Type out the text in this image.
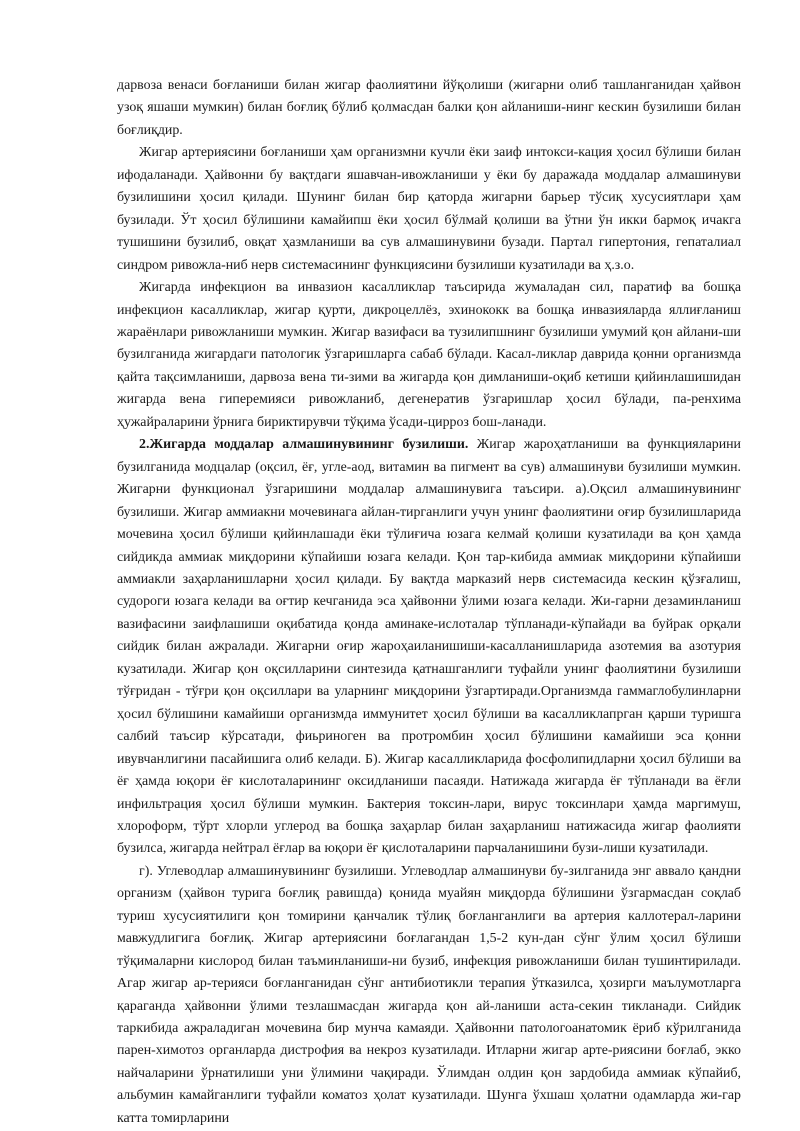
дарвоза венаси боғланиши билан жигар фаолиятини йўқолиши (жигарни олиб ташланганидан ҳайвон узоқ яшаши мумкин) билан боғлиқ бўлиб қолмасдан балки қон айланиши-нинг кескин бузилиши билан боғлиқдир.

Жигар артериясини боғланиши ҳам организмни кучли ёки заиф интокси-кация ҳосил бўлиши билан ифодаланади. Ҳайвонни бу вақтдаги яшавчан-ивожланиши у ёки бу даражада моддалар алмашинуви бузилишини ҳосил қилади. Шунинг билан бир қаторда жигарни барьер тўсиқ хусусиятлари ҳам бузилади. Ўт ҳосил бўлишини камайипш ёки ҳосил бўлмай қолиши ва ўтни ўн икки бармоқ ичакга тушишини бузилиб, овқат ҳазмланиши ва сув алмашинувини бузади. Партал гипертония, гепаталиал синдром ривожла-ниб нерв системасининг функциясини бузилиши кузатилади ва ҳ.з.о.

Жигарда инфекцион ва инвазион касалликлар таъсирида жумаладан сил, паратиф ва бошқа инфекцион касалликлар, жигар қурти, дикроцеллёз, эхинококк ва бошқа инвазияларда яллиғланиш жараёнлари ривожланиши мумкин. Жигар вазифаси ва тузилипшнинг бузилиши умумий қон айлани-ши бузилганида жигардаги патологик ўзгаришларга сабаб бўлади. Касал-ликлар даврида қонни организмда қайта тақсимланиши, дарвоза вена ти-зими ва жигарда қон димланиши-оқиб кетиши қийинлашишидан жигарда вена гиперемияси ривожланиб, дегенератив ўзгаришлар ҳосил бўлади, па-ренхима ҳужайраларини ўрнига бириктирувчи тўқима ўсади-цирроз бош-ланади.

2.Жигарда моддалар алмашинувининг бузилиши. Жигар жароҳатланиши ва функцияларини бузилганида модцалар (оқсил, ёғ, угле-аод, витамин ва пигмент ва сув) алмашинуви бузилиши мумкин. Жигарни функционал ўзгаришини моддалар алмашинувига таъсири. а).Оқсил алмашинувининг бузилиши. Жигар аммиакни мочевинага айлан-тирганлиги учун унинг фаолиятини оғир бузилишларида мочевина ҳосил бўлиши қийинлашади ёки тўлиғича юзага келмай қолиши кузатилади ва қон ҳамда сийдикда аммиак миқдорини кўпайиши юзага келади. Қон тар-кибида аммиак миқдорини кўпайиши аммиакли заҳарланишларни ҳосил қилади. Бу вақтда марказий нерв системасида кескин қўзғалиш, судороги юзага келади ва оғтир кечганида эса ҳайвонни ўлими юзага келади. Жи-гарни дезаминланиш вазифасини заифлашиши оқибатида қонда аминаке-ислоталар тўпланади-кўпайади ва буйрак орқали сийдик билан ажралади. Жигарни оғир жароҳаиланишиши-касалланишларида азотемия ва азотурия кузатилади. Жигар қон оқсилларини синтезида қатнашганлиги туфайли унинг фаолиятини бузилиши тўғридан - тўғри қон оқсиллари ва уларнинг миқдорини ўзгартиради.Организмда гаммаглобулинларни ҳосил бўлишини камайиши организмда иммунитет ҳосил бўлиши ва касалликлапрган қарши туришга салбий таъсир кўрсатади, фиьриноген ва протромбин ҳосил бўлишини камайиши эса қонни ивувчанлигини пасайишига олиб келади. Б). Жигар касалликларида фосфолипидларни ҳосил бўлиши ва ёғ ҳамда юқори ёғ кислоталарининг оксидланиши пасаяди. Натижада жигарда ёғ тўпланади ва ёғли инфильтрация ҳосил бўлиши мумкин. Бактерия токсин-лари, вирус токсинлари ҳамда маргимуш, хлороформ, тўрт хлорли углерод ва бошқа заҳарлар билан заҳарланиш натижасида жигар фаолияти бузилса, жигарда нейтрал ёғлар ва юқори ёғ қислоталарини парчаланишини бузи-лиши кузатилади.

г). Углеводлар алмашинувининг бузилиши. Углеводлар алмашинуви бу-зилганида энг аввало қандни организм (ҳайвон турига боғлиқ равишда) қонида муайян миқдорда бўлишини ўзгармасдан соқлаб туриш хусусиятилиги қон томирини қанчалик тўлиқ боғланганлиги ва артерия каллотерал-ларини мавжудлигига боғлиқ. Жигар артериясини боғлагандан 1,5-2 кун-дан сўнг ўлим ҳосил бўлиши тўқималарни кислород билан таъминланиши-ни бузиб, инфекция ривожланиши билан тушинтирилади. Агар жигар ар-терияси боғланганидан сўнг антибиотикли терапия ўтказилса, ҳозирги маълумотларга қараганда ҳайвонни ўлими тезлашмасдан жигарда қон ай-ланиши аста-секин тикланади. Сийдик таркибида ажраладиган мочевина бир мунча камаяди. Ҳайвонни патологоанатомик ёриб кўрилганида парен-химотоз органларда дистрофия ва некроз кузатилади. Итларни жигар арте-риясини боғлаб, экко найчаларини ўрнатилиши уни ўлимини чақиради. Ўлимдан олдин қон зардобида аммиак кўпайиб, альбумин камайганлиги туфайли коматоз ҳолат кузатилади. Шунга ўхшаш ҳолатни одамларда жи-гар катта томирларини
